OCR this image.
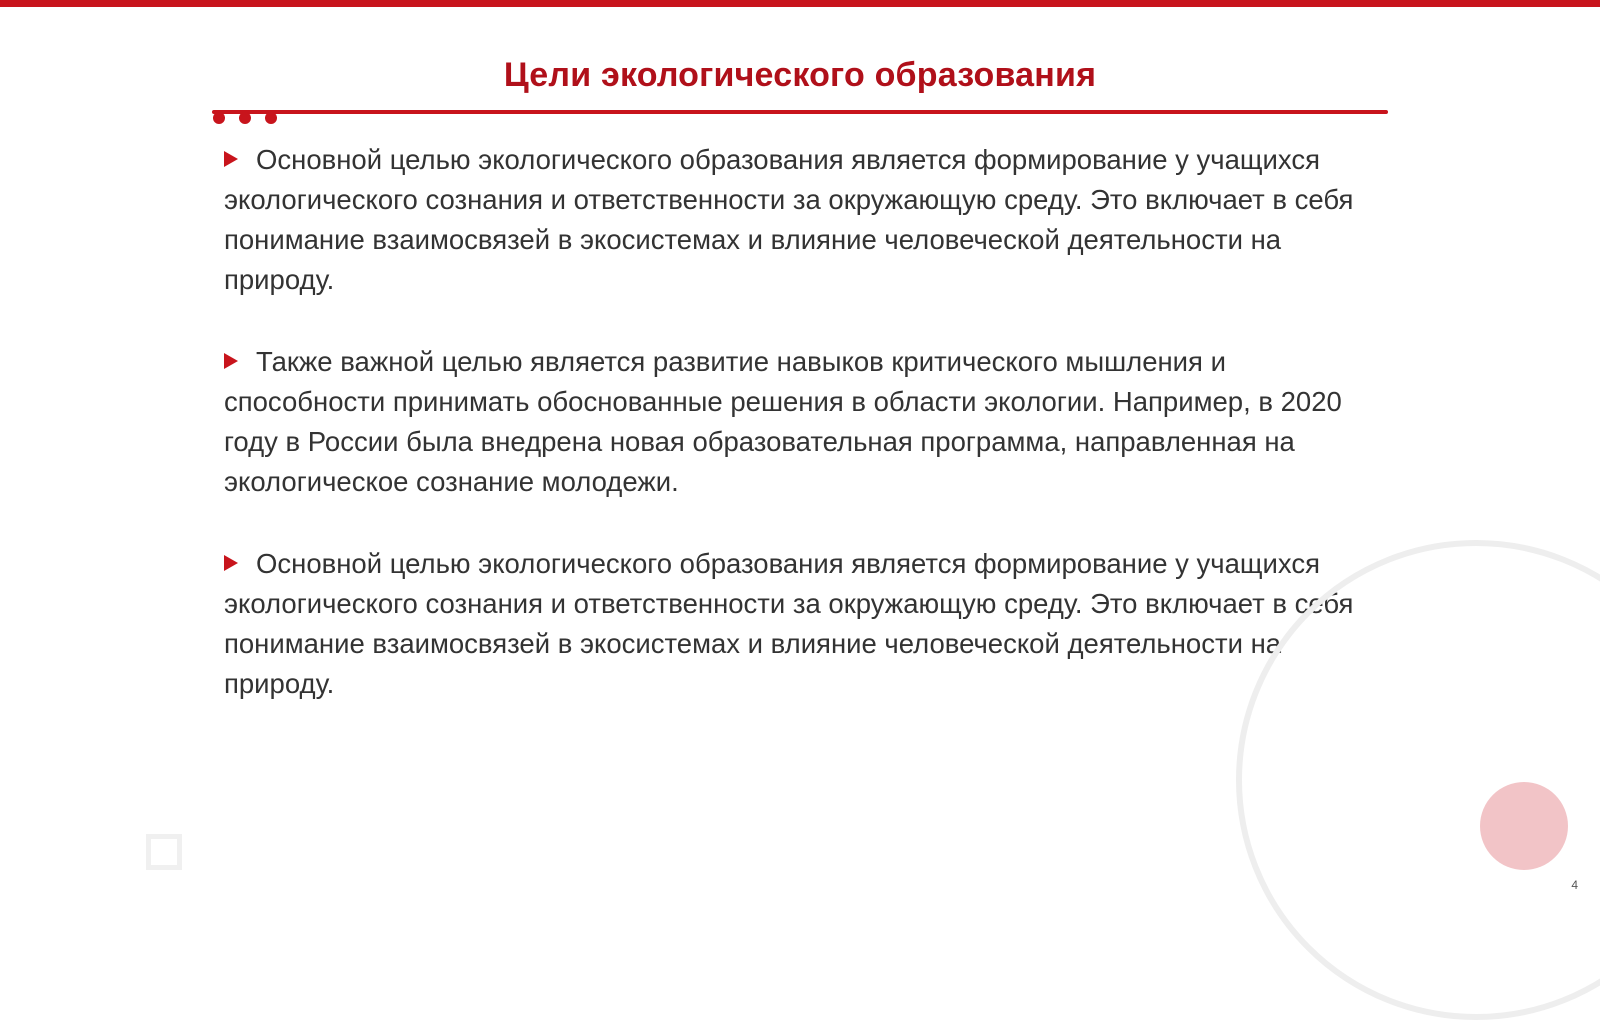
Цели экологического образования
Основной целью экологического образования является формирование у учащихся экологического сознания и ответственности за окружающую среду. Это включает в себя понимание взаимосвязей в экосистемах и влияние человеческой деятельности на природу.
Также важной целью является развитие навыков критического мышления и способности принимать обоснованные решения в области экологии. Например, в 2020 году в России была внедрена новая образовательная программа, направленная на экологическое сознание молодежи.
Основной целью экологического образования является формирование у учащихся экологического сознания и ответственности за окружающую среду. Это включает в себя понимание взаимосвязей в экосистемах и влияние человеческой деятельности на природу.
4
